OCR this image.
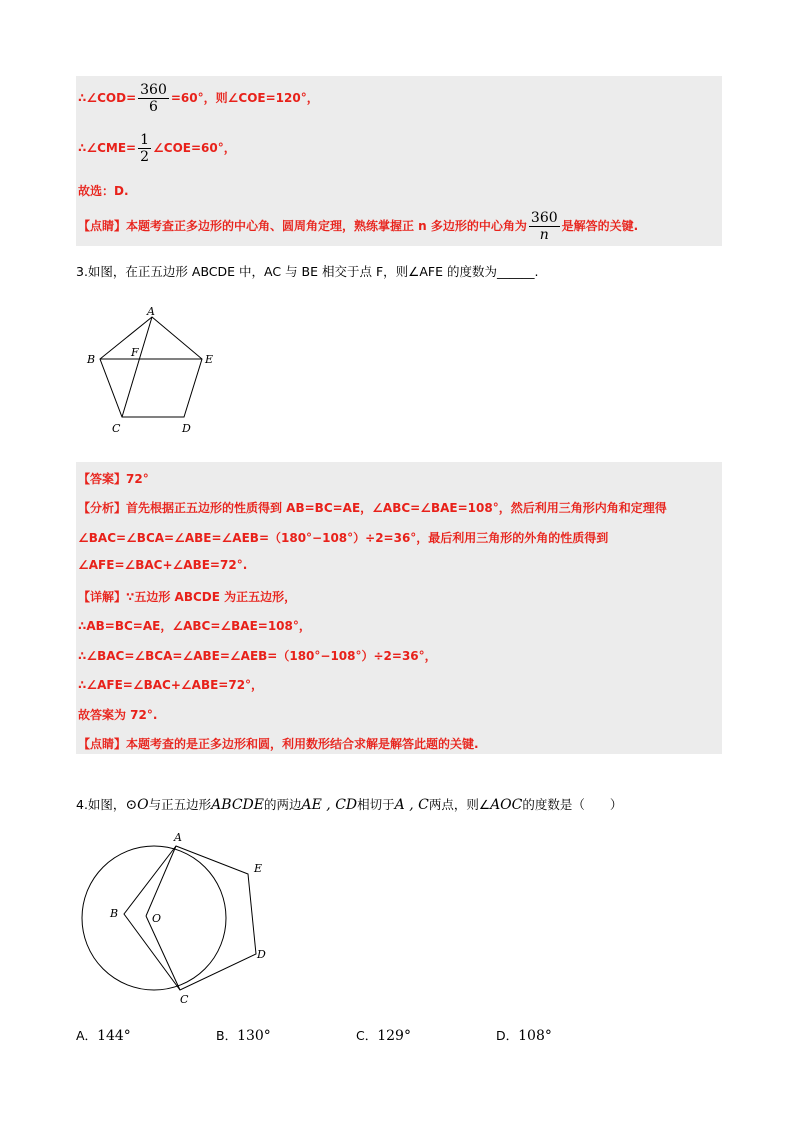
∴∠COD= $\frac{360}{6} =60^\circ$，则∠COE=120°，
∴∠CME= $\frac{1}{2}$ ∠COE=60°，
故选：D.
【点睛】本题考查正多边形的中心角、圆周角定理，熟练掌握正 n 多边形的中心角为 $\frac{360}{n}$ 是解答的关键.
3.如图，在正五边形 ABCDE 中，AC 与 BE 相交于点 F，则∠AFE 的度数为______.
A
B
F
E
C	D
【答案】72°
【分析】首先根据正五边形的性质得到 AB=BC=AE，∠ABC=∠BAE=108°，然后利用三角形内角和定理得
∠BAC=∠BCA=∠ABE=∠AEB=（180°−108°）÷2=36°，最后利用三角形的外角的性质得到
∠AFE=∠BAC+∠ABE=72°.
【详解】∵五边形 ABCDE 为正五边形，
∴AB=BC=AE，∠ABC=∠BAE=108°，
∴∠BAC=∠BCA=∠ABE=∠AEB=（180°−108°）÷2=36°，
∴∠AFE=∠BAC+∠ABE=72°，
故答案为 72°.
【点睛】本题考查的是正多边形和圆，利用数形结合求解是解答此题的关键.
4.如图，⊙O与正五边形ABCDE的两边AE , CD相切于A , C两点，则∠AOC的度数是（　　）
A
E
B	O
D
C
A．144°	B．130°	C．129°	D．108°
